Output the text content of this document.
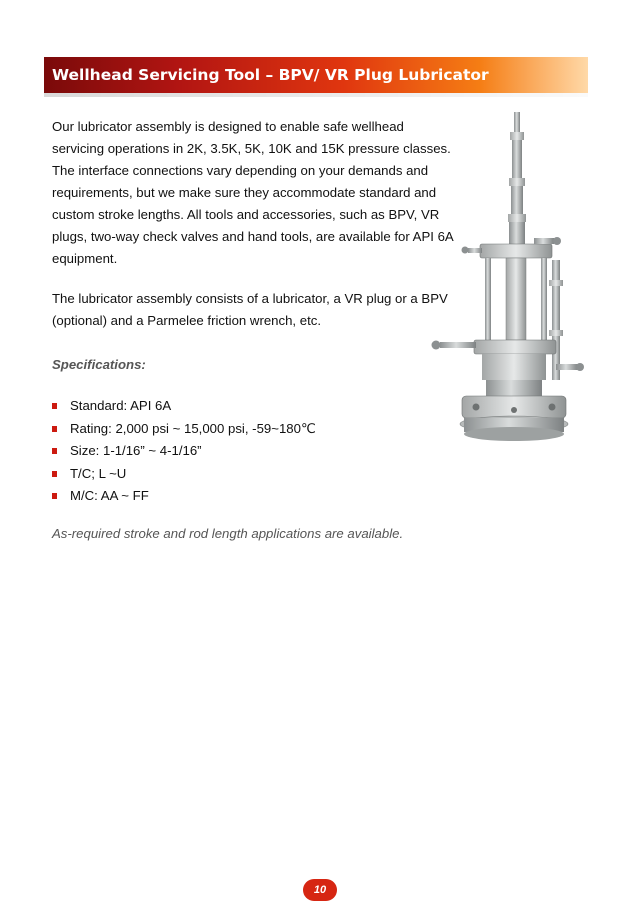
Wellhead Servicing Tool – BPV/ VR Plug Lubricator

Our lubricator assembly is designed to enable safe wellhead

servicing operations in 2K, 3.5K, 5K, 10K and 15K pressure classes.

The interface connections vary depending on your demands and

requirements, but we make sure they accommodate standard and

custom stroke lengths. All tools and accessories, such as BPV, VR

plugs, two-way check valves and hand tools, are available for API 6A

equipment.

The lubricator assembly consists of a lubricator, a VR plug or a BPV

(optional) and a Parmelee friction wrench, etc.

Specifications:

Standard: API 6A
Rating: 2,000 psi ~ 15,000 psi, -59~180℃
Size: 1-1/16” ~ 4-1/16”
T/C; L ~U
M/C: AA ~ FF

As-required stroke and rod length applications are available.

10
